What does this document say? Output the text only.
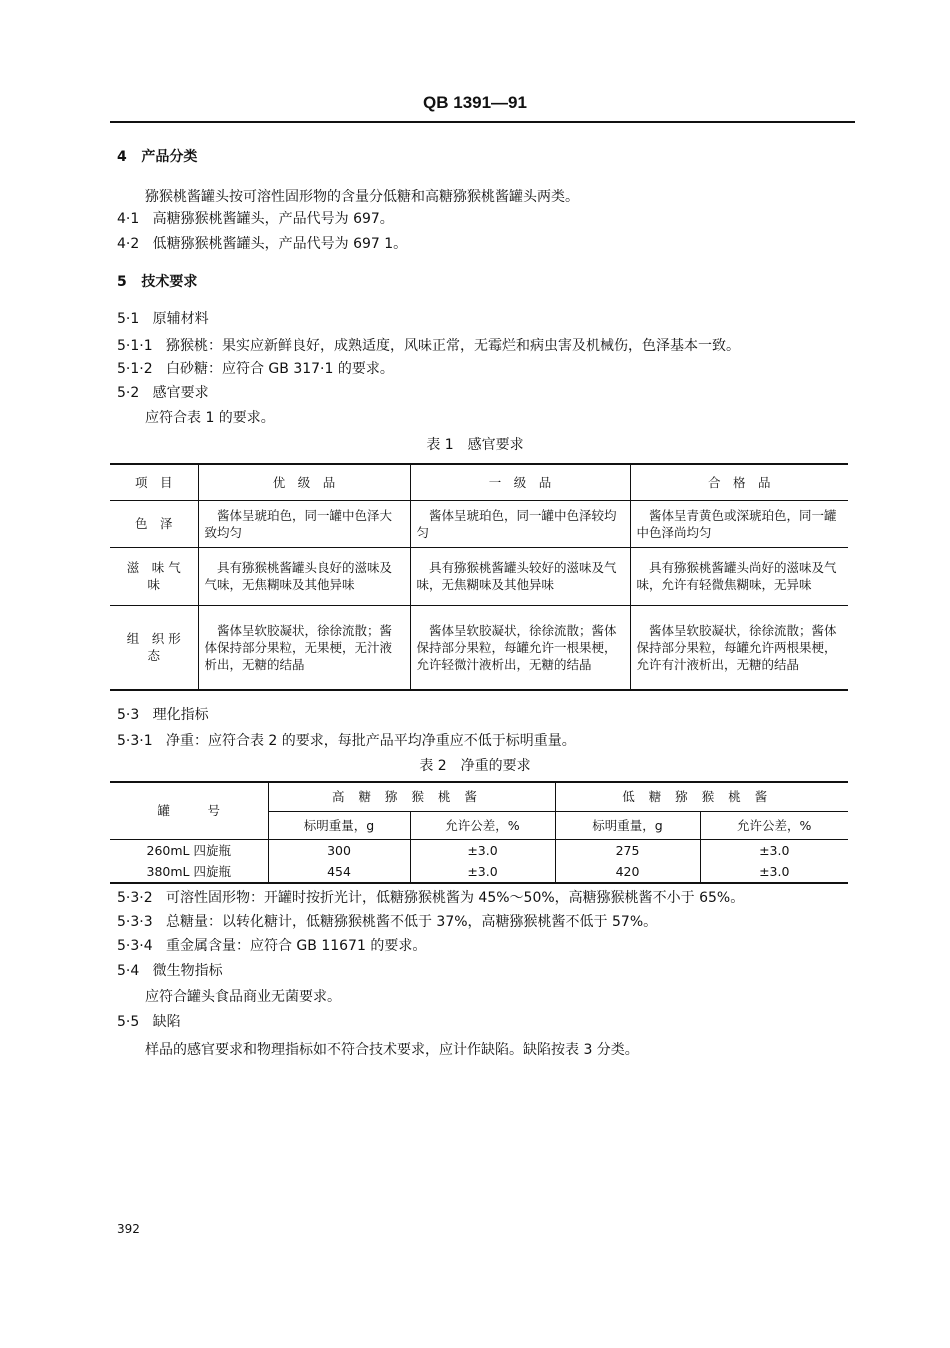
QB 1391—91
4 产品分类
猕猴桃酱罐头按可溶性固形物的含量分低糖和高糖猕猴桃酱罐头两类。
4·1 高糖猕猴桃酱罐头，产品代号为 697。
4·2 低糖猕猴桃酱罐头，产品代号为 697 1。
5 技术要求
5·1 原辅材料
5·1·1 猕猴桃：果实应新鲜良好，成熟适度，风味正常，无霉烂和病虫害及机械伤，色泽基本一致。
5·1·2 白砂糖：应符合 GB 317·1 的要求。
5·2 感官要求
应符合表 1 的要求。
表 1　感官要求
项　目	优　级　品	一　级　品	合　格　品
色　泽	　酱体呈琥珀色，同一罐中色泽大致均匀	　酱体呈琥珀色，同一罐中色泽较均匀	　酱体呈青黄色或深琥珀色，同一罐中色泽尚均匀
滋　味 气　味	　具有猕猴桃酱罐头良好的滋味及气味，无焦糊味及其他异味	　具有猕猴桃酱罐头较好的滋味及气味，无焦糊味及其他异味	　具有猕猴桃酱罐头尚好的滋味及气味，允许有轻微焦糊味，无异味
组　织 形　态	　酱体呈软胶凝状，徐徐流散；酱体保持部分果粒，无果梗，无汁液析出，无糖的结晶	　酱体呈软胶凝状，徐徐流散；酱体保持部分果粒，每罐允许一根果梗，允许轻微汁液析出，无糖的结晶	　酱体呈软胶凝状，徐徐流散；酱体保持部分果粒，每罐允许两根果梗，允许有汁液析出，无糖的结晶
5·3 理化指标
5·3·1 净重：应符合表 2 的要求，每批产品平均净重应不低于标明重量。
表 2　净重的要求
罐　　　号	高糖猕猴桃酱		低糖猕猴桃酱	
	标明重量，g	允许公差，%	标明重量，g	允许公差，%
260mL 四旋瓶	300	±3.0	275	±3.0
380mL 四旋瓶	454	±3.0	420	±3.0
5·3·2 可溶性固形物：开罐时按折光计，低糖猕猴桃酱为 45%～50%，高糖猕猴桃酱不小于 65%。
5·3·3 总糖量：以转化糖计，低糖猕猴桃酱不低于 37%，高糖猕猴桃酱不低于 57%。
5·3·4 重金属含量：应符合 GB 11671 的要求。
5·4 微生物指标
应符合罐头食品商业无菌要求。
5·5 缺陷
样品的感官要求和物理指标如不符合技术要求，应计作缺陷。缺陷按表 3 分类。
392
